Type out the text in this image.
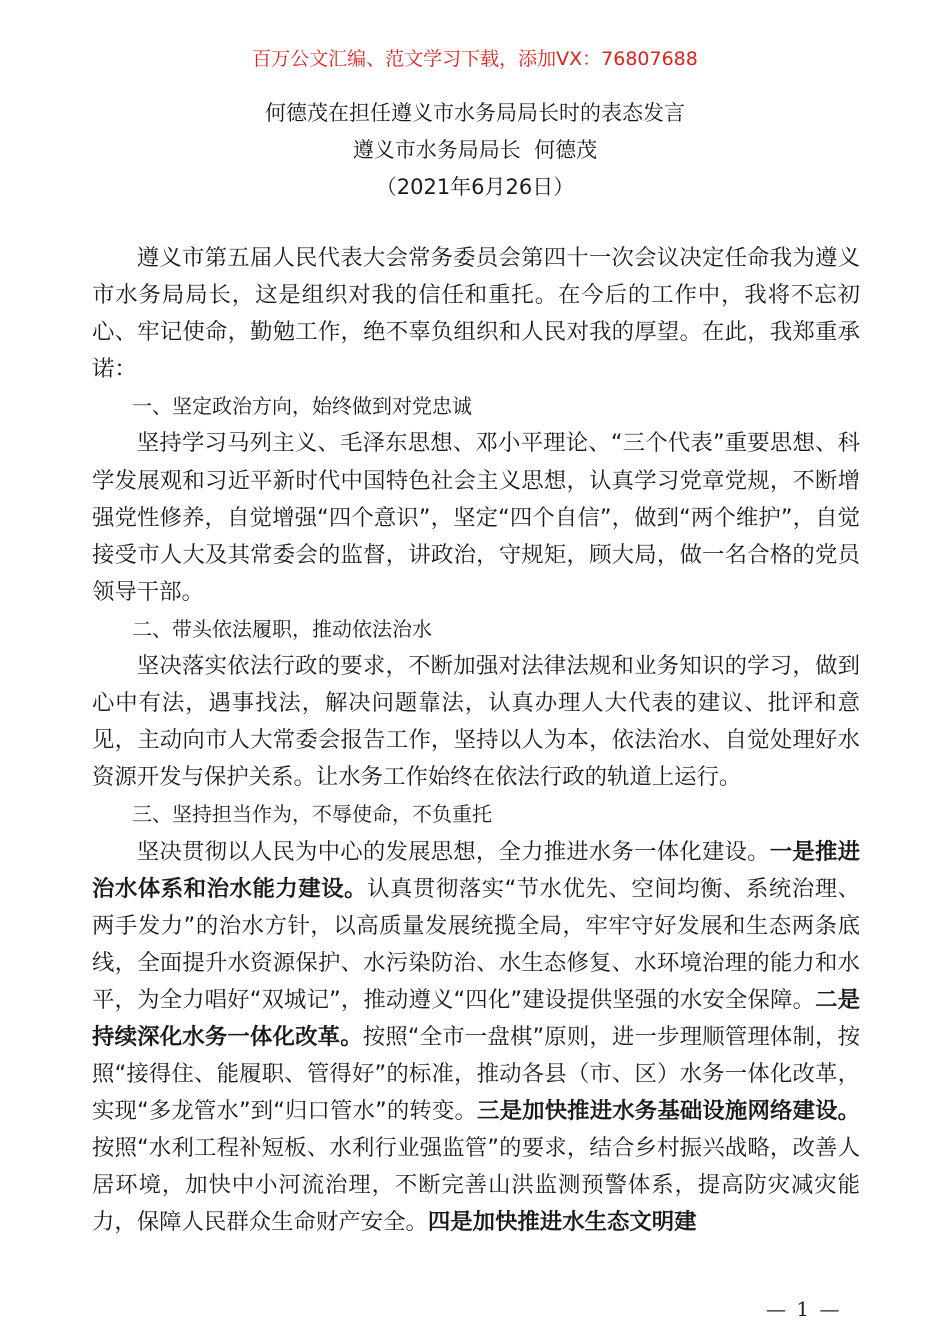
百万公文汇编、范文学习下载，添加VX：76807688
何德茂在担任遵义市水务局局长时的表态发言
遵义市水务局局长  何德茂
（2021年6月26日）

遵义市第五届人民代表大会常务委员会第四十一次会议决定任命我为遵义市水务局局长，这是组织对我的信任和重托。在今后的工作中，我将不忘初心、牢记使命，勤勉工作，绝不辜负组织和人民对我的厚望。在此，我郑重承诺：

一、坚定政治方向，始终做到对党忠诚

坚持学习马列主义、毛泽东思想、邓小平理论、“三个代表”重要思想、科学发展观和习近平新时代中国特色社会主义思想，认真学习党章党规，不断增强党性修养，自觉增强“四个意识”，坚定“四个自信”，做到“两个维护”，自觉接受市人大及其常委会的监督，讲政治，守规矩，顾大局，做一名合格的党员领导干部。

二、带头依法履职，推动依法治水

坚决落实依法行政的要求，不断加强对法律法规和业务知识的学习，做到心中有法，遇事找法，解决问题靠法，认真办理人大代表的建议、批评和意见，主动向市人大常委会报告工作，坚持以人为本，依法治水、自觉处理好水资源开发与保护关系。让水务工作始终在依法行政的轨道上运行。

三、坚持担当作为，不辱使命，不负重托

坚决贯彻以人民为中心的发展思想，全力推进水务一体化建设。一是推进治水体系和治水能力建设。认真贯彻落实“节水优先、空间均衡、系统治理、两手发力”的治水方针，以高质量发展统揽全局，牢牢守好发展和生态两条底线，全面提升水资源保护、水污染防治、水生态修复、水环境治理的能力和水平，为全力唱好“双城记”，推动遵义“四化”建设提供坚强的水安全保障。二是持续深化水务一体化改革。按照“全市一盘棋”原则，进一步理顺管理体制，按照“接得住、能履职、管得好”的标准，推动各县（市、区）水务一体化改革，实现“多龙管水”到“归口管水”的转变。三是加快推进水务基础设施网络建设。按照“水利工程补短板、水利行业强监管”的要求，结合乡村振兴战略，改善人居环境，加快中小河流治理，不断完善山洪监测预警体系，提高防灾减灾能力，保障人民群众生命财产安全。四是加快推进水生态文明建

— 1 —
